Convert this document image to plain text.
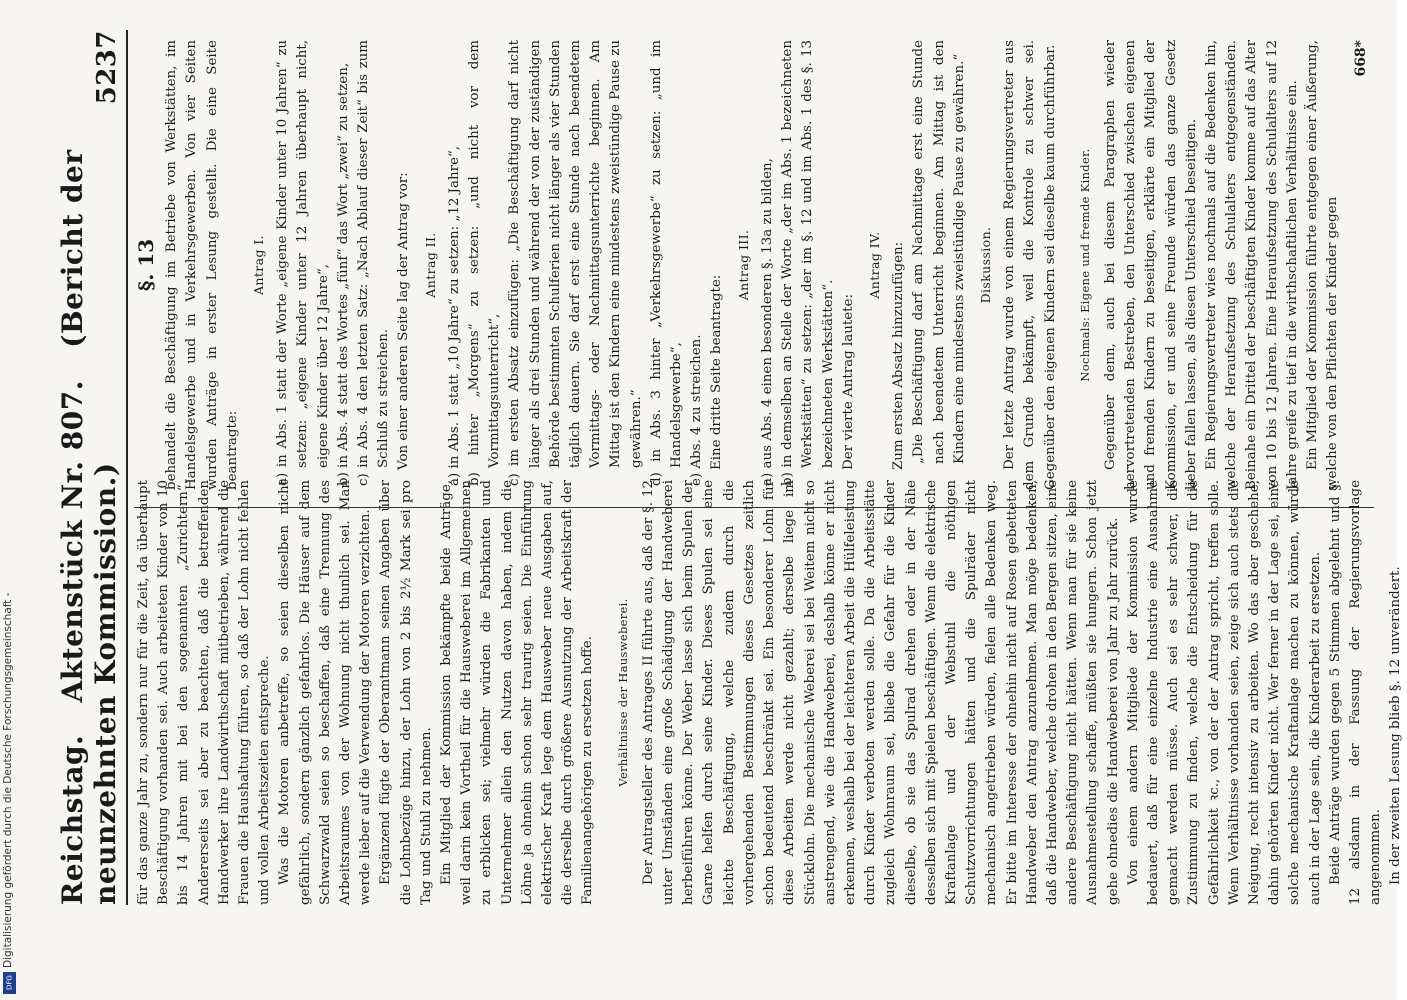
Reichstag. Aktenstück Nr. 807. (Bericht der neunzehnten Kommission.)
5237

für das ganze Jahr zu, sondern nur für die Zeit, da überhaupt Beschäftigung vorhanden sei. Auch arbeiteten Kinder von 10 bis 14 Jahren mit bei den sogenannten „Zurichtern“. Andererseits sei aber zu beachten, daß die betreffenden Handwerker ihre Landwirthschaft mitbetrieben, während die Frauen die Haushaltung führen, so daß der Lohn nicht fehlen und vollen Arbeitszeiten entspreche. Was die Motoren anbetreffe, so seien dieselben nicht gefährlich, sondern gänzlich gefahrlos. Die Häuser auf dem Schwarzwald seien so beschaffen, daß eine Trennung des Arbeitsraumes von der Wohnung nicht thunlich sei. Man werde lieber auf die Verwendung der Motoren verzichten. Ergänzend fügte der Oberamtmann seinen Angaben über die Lohnbezüge hinzu, der Lohn von 2 bis 2½ Mark sei pro Tag und Stuhl zu nehmen. Ein Mitglied der Kommission bekämpfte beide Anträge, weil darin kein Vortheil für die Hausweberei im Allgemeinen zu erblicken sei; vielmehr würden die Fabrikanten und Unternehmer allein den Nutzen davon haben, indem die Löhne ja ohnehin schon sehr traurig seien. Die Einführung elektrischer Kraft lege dem Hausweber neue Ausgaben auf, die derselbe durch größere Ausnutzung der Arbeitskraft der Familienangehörigen zu ersetzen hoffe. Verhältnisse der Hausweberei. Der Antragsteller des Antrages II führte aus, daß der §. 12 unter Umständen eine große Schädigung der Handweberei herbeiführen könne. Der Weber lasse sich beim Spulen der Garne helfen durch seine Kinder. Dieses Spulen sei eine leichte Beschäftigung, welche zudem durch die vorhergehenden Bestimmungen dieses Gesetzes zeitlich schon bedeutend beschränkt sei. Ein besonderer Lohn für diese Arbeiten werde nicht gezahlt; derselbe liege im Stücklohn. Die mechanische Weberei sei bei Weitem nicht so anstrengend, wie die Handweberei, deshalb könne er nicht erkennen, weshalb bei der leichteren Arbeit die Hülfeleistung durch Kinder verboten werden solle. Da die Arbeitsstätte zugleich Wohnraum sei, bliebe die Gefahr für die Kinder dieselbe, ob sie das Spulrad drehen oder in der Nähe desselben sich mit Spielen beschäftigen. Wenn die elektrische Kraftanlage und der Webstuhl die nöthigen Schutzvorrichtungen hätten und die Spulräder nicht mechanisch angetrieben würden, fielen alle Bedenken weg. Er bitte im Interesse der ohnehin nicht auf Rosen gebetteten Handweber den Antrag anzunehmen. Man möge bedenken, daß die Handweber, welche drohen in den Bergen sitzen, eine andere Beschäftigung nicht hätten. Wenn man für sie keine Ausnahmestellung schaffe, müßten sie hungern. Schon jetzt gehe ohnedies die Handweberei von Jahr zu Jahr zurück. Von einem andern Mitgliede der Kommission wurde bedauert, daß für eine einzelne Industrie eine Ausnahme gemacht werden müsse. Auch sei es sehr schwer, die Zustimmung zu finden, welche die Entscheidung für die Gefährlichkeit ꝛc., von der der Antrag spricht, treffen solle. Wenn Verhältnisse vorhanden seien, zeige sich auch stets die Neigung, recht intensiv zu arbeiten. Wo das aber geschehe, dahin gehörten Kinder nicht. Wer ferner in der Lage sei, eine solche mechanische Kraftanlage machen zu können, würde auch in der Lage sein, die Kinderarbeit zu ersetzen. Beide Anträge wurden gegen 5 Stimmen abgelehnt und §. 12 alsdann in der Fassung der Regierungsvorlage angenommen. In der zweiten Lesung blieb §. 12 unverändert.

§. 13 behandelt die Beschäftigung im Betriebe von Werkstätten, im Handelsgewerbe und in Verkehrsgewerben. Von vier Seiten wurden Anträge in erster Lesung gestellt. Die eine Seite beantragte:

Antrag I. a) in Abs. 1 statt der Worte „eigene Kinder unter 10 Jahren“ zu setzen: „eigene Kinder unter 12 Jahren überhaupt nicht, eigene Kinder über 12 Jahre“, b) in Abs. 4 statt des Wortes „fünf“ das Wort „zwei“ zu setzen, c) in Abs. 4 den letzten Satz: „Nach Ablauf dieser Zeit“ bis zum Schluß zu streichen. Von einer anderen Seite lag der Antrag vor: Antrag II. a) in Abs. 1 statt „10 Jahre“ zu setzen: „12 Jahre“, b) hinter „Morgens“ zu setzen: „und nicht vor dem Vormittagsunterricht“, c) im ersten Absatz einzufügen: „Die Beschäftigung darf nicht länger als drei Stunden und während der von der zuständigen Behörde bestimmten Schulferien nicht länger als vier Stunden täglich dauern. Sie darf erst eine Stunde nach beendetem Vormittags- oder Nachmittagsunterrichte beginnen. Am Mittag ist den Kindern eine mindestens zweistündige Pause zu gewähren.“ d) in Abs. 3 hinter „Verkehrsgewerbe“ zu setzen: „und im Handelsgewerbe“, e) Abs. 4 zu streichen. Eine dritte Seite beantragte:

Antrag III. a) aus Abs. 4 einen besonderen §. 13a zu bilden, b) in demselben an Stelle der Worte „der im Abs. 1 bezeichneten Werkstätten“ zu setzen: „der im §. 12 und im Abs. 1 des §. 13 bezeichneten Werkstätten“. Der vierte Antrag lautete:

Antrag IV. Zum ersten Absatz hinzuzufügen: „Die Beschäftigung darf am Nachmittage erst eine Stunde nach beendetem Unterricht beginnen. Am Mittag ist den Kindern eine mindestens zweistündige Pause zu gewähren.“ Diskussion. Der letzte Antrag wurde von einem Regierungsvertreter aus dem Grunde bekämpft, weil die Kontrole zu schwer sei. Gegenüber den eigenen Kindern sei dieselbe kaum durchführbar. Nochmals: Eigene und fremde Kinder. Gegenüber denn, auch bei diesem Paragraphen wieder hervortretenden Bestreben, den Unterschied zwischen eigenen und fremden Kindern zu beseitigen, erklärte ein Mitglied der Kommission, er und seine Freunde würden das ganze Gesetz lieber fallen lassen, als diesen Unterschied beseitigen. Ein Regierungsvertreter wies nochmals auf die Bedenken hin, welche der Heraufsetzung des Schulalters entgegenständen. Beinahe ein Drittel der beschäftigten Kinder komme auf das Alter von 10 bis 12 Jahren. Eine Heraufsetzung des Schulalters auf 12 Jahre greife zu tief in die wirthschaftlichen Verhältnisse ein. Ein Mitglied der Kommission führte entgegen einer Äußerung, welche von den Pflichten der Kinder gegen

668*
Digitalisierung gefördert durch die Deutsche Forschungsgemeinschaft -
DFG
